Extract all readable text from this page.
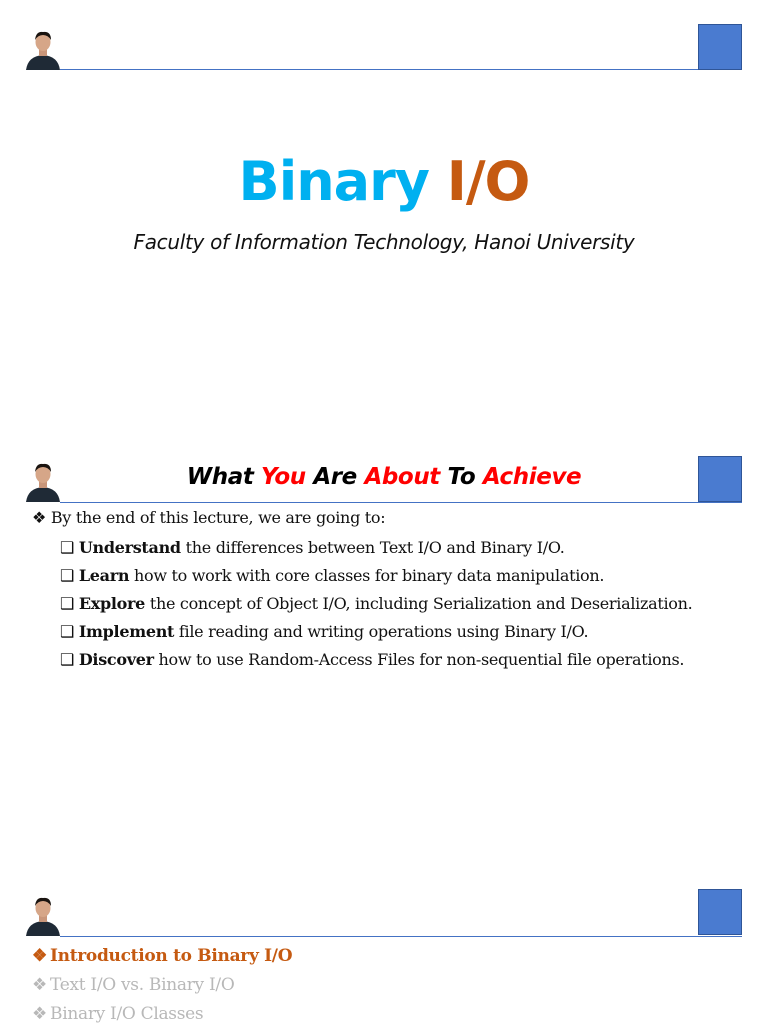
Binary I/O
Faculty of Information Technology, Hanoi University
What You Are About To Achieve
❖ By the end of this lecture, we are going to:
❑ Understand the differences between Text I/O and Binary I/O.
❑ Learn how to work with core classes for binary data manipulation.
❑ Explore the concept of Object I/O, including Serialization and Deserialization.
❑ Implement file reading and writing operations using Binary I/O.
❑ Discover how to use Random-Access Files for non-sequential file operations.
❖ Introduction to Binary I/O
❖ Text I/O vs. Binary I/O
❖ Binary I/O Classes
